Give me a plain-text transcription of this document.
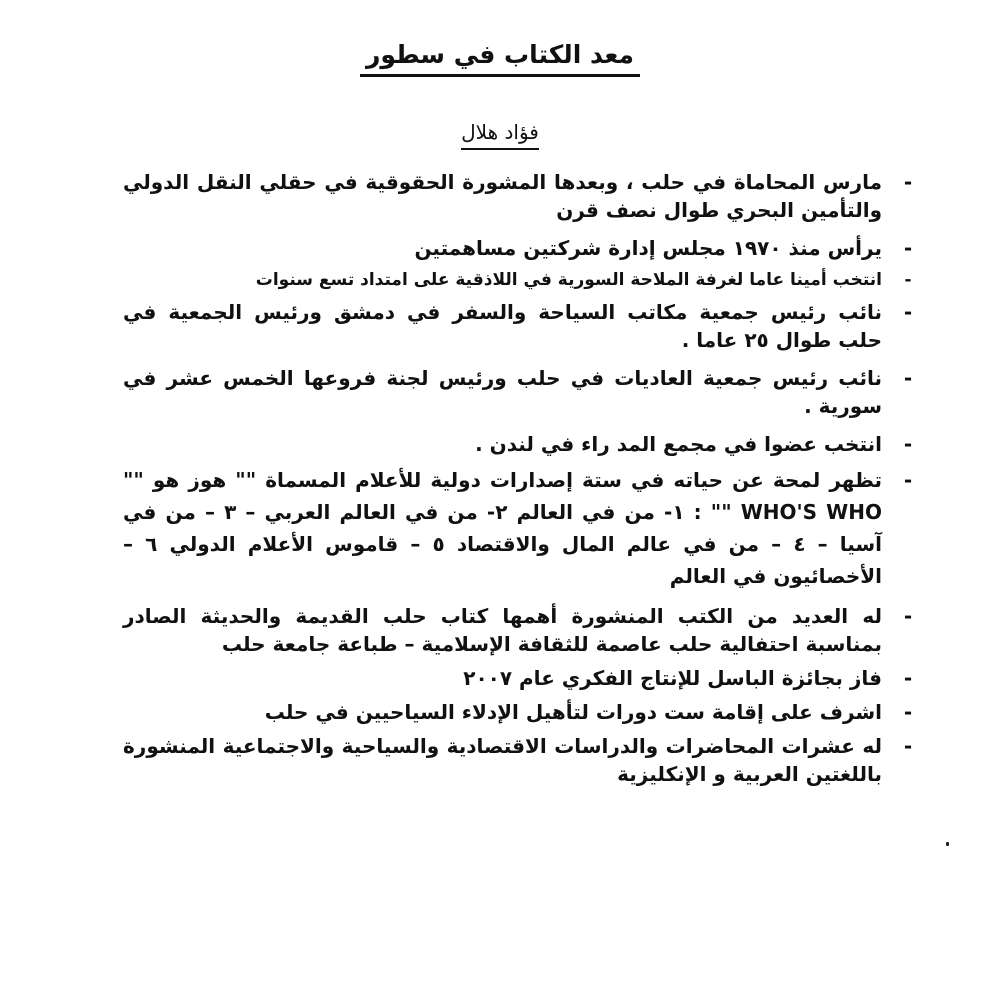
معد الكتاب في سطور
فؤاد هلال
-
مارس المحاماة في حلب ، وبعدها المشورة الحقوقية في حقلي النقل الدولي والتأمين البحري طوال نصف قرن
-
يرأس منذ ١٩٧٠ مجلس إدارة شركتين مساهمتين
-
انتخب أمينا عاما لغرفة الملاحة السورية في اللاذقية على امتداد تسع سنوات
-
نائب رئيس جمعية مكاتب السياحة والسفر في دمشق ورئيس الجمعية في حلب طوال ٢٥ عاما .
-
نائب رئيس جمعية العاديات في حلب ورئيس لجنة فروعها الخمس عشر في سورية .
-
انتخب عضوا في مجمع المد راء في لندن .
-
تظهر لمحة عن حياته في ستة إصدارات دولية للأعلام المسماة "" هوز هو "" WHO'S WHO "" : ١- من في العالم ٢- من في العالم العربي – ٣ – من في آسيا – ٤ – من في عالم المال والاقتصاد ٥ – قاموس الأعلام الدولي ٦ – الأخصائيون في العالم
-
له العديد من الكتب المنشورة أهمها كتاب حلب القديمة والحديثة الصادر بمناسبة احتفالية حلب عاصمة للثقافة الإسلامية – طباعة جامعة حلب
-
فاز بجائزة الباسل للإنتاج الفكري عام ٢٠٠٧
-
اشرف على إقامة ست دورات لتأهيل الإدلاء السياحيين في حلب
-
له عشرات المحاضرات والدراسات الاقتصادية والسياحية والاجتماعية المنشورة باللغتين العربية و الإنكليزية
